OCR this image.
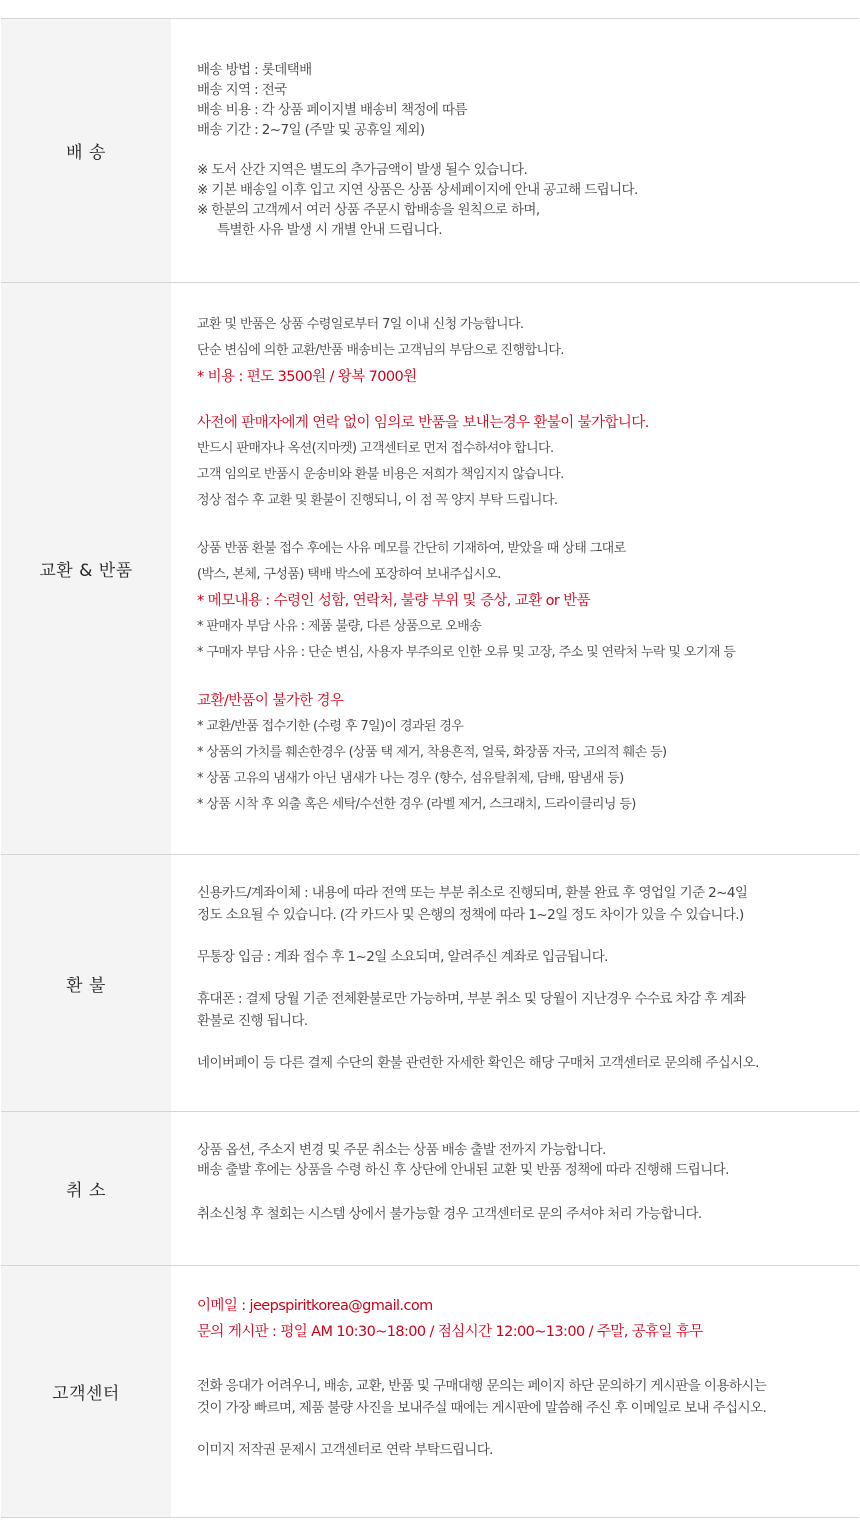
배 송
배송 방법 : 롯데택배
배송 지역 : 전국
배송 비용 : 각 상품 페이지별 배송비 책정에 따름
배송 기간 : 2~7일 (주말 및 공휴일 제외)
※ 도서 산간 지역은 별도의 추가금액이 발생 될수 있습니다.
※ 기본 배송일 이후 입고 지연 상품은 상품 상세페이지에 안내 공고해 드립니다.
※ 한분의 고객께서 여러 상품 주문시 합배송을 원칙으로 하며,
특별한 사유 발생 시 개별 안내 드립니다.
교환 & 반품
교환 및 반품은 상품 수령일로부터 7일 이내 신청 가능합니다.
단순 변심에 의한 교환/반품 배송비는 고객님의 부담으로 진행합니다.
* 비용 : 편도 3500원 / 왕복 7000원
사전에 판매자에게 연락 없이 임의로 반품을 보내는경우 환불이 불가합니다.
반드시 판매자나 옥션(지마켓) 고객센터로 먼저 접수하셔야 합니다.
고객 임의로 반품시 운송비와 환불 비용은 저희가 책임지지 않습니다.
정상 접수 후 교환 및 환불이 진행되니, 이 점 꼭 양지 부탁 드립니다.
상품 반품 환불 접수 후에는 사유 메모를 간단히 기재하여, 받았을 때 상태 그대로
(박스, 본체, 구성품) 택배 박스에 포장하여 보내주십시오.
* 메모내용 : 수령인 성함, 연락처, 불량 부위 및 증상, 교환 or 반품
* 판매자 부담 사유 : 제품 불량, 다른 상품으로 오배송
* 구매자 부담 사유 : 단순 변심, 사용자 부주의로 인한 오류 및 고장, 주소 및 연락처 누락 및 오기재 등
교환/반품이 불가한 경우
* 교환/반품 접수기한 (수령 후 7일)이 경과된 경우
* 상품의 가치를 훼손한경우 (상품 택 제거, 착용흔적, 얼룩, 화장품 자국, 고의적 훼손 등)
* 상품 고유의 냄새가 아닌 냄새가 나는 경우 (향수, 섬유탈취제, 담배, 땀냄새 등)
* 상품 시착 후 외출 혹은 세탁/수선한 경우 (라벨 제거, 스크래치, 드라이클리닝 등)
환 불
신용카드/계좌이체 : 내용에 따라 전액 또는 부분 취소로 진행되며, 환불 완료 후 영업일 기준 2~4일
정도 소요될 수 있습니다. (각 카드사 및 은행의 정책에 따라 1~2일 정도 차이가 있을 수 있습니다.)
무통장 입금 : 계좌 접수 후 1~2일 소요되며, 알려주신 계좌로 입금됩니다.
휴대폰 : 결제 당월 기준 전체환불로만 가능하며, 부분 취소 및 당월이 지난경우 수수료 차감 후 계좌
환불로 진행 됩니다.
네이버페이 등 다른 결제 수단의 환불 관련한 자세한 확인은 해당 구매처 고객센터로 문의해 주십시오.
취 소
상품 옵션, 주소지 변경 및 주문 취소는 상품 배송 출발 전까지 가능합니다.
배송 출발 후에는 상품을 수령 하신 후 상단에 안내된 교환 및 반품 정책에 따라 진행해 드립니다.
취소신청 후 철회는 시스템 상에서 불가능할 경우 고객센터로 문의 주셔야 처리 가능합니다.
고객센터
이메일 : jeepspiritkorea@gmail.com
문의 게시판 : 평일 AM 10:30~18:00 / 점심시간 12:00~13:00 / 주말, 공휴일 휴무
전화 응대가 어려우니, 배송, 교환, 반품 및 구매대행 문의는 페이지 하단 문의하기 게시판을 이용하시는
것이 가장 빠르며, 제품 불량 사진을 보내주실 때에는 게시판에 말씀해 주신 후 이메일로 보내 주십시오.
이미지 저작권 문제시 고객센터로 연락 부탁드립니다.
